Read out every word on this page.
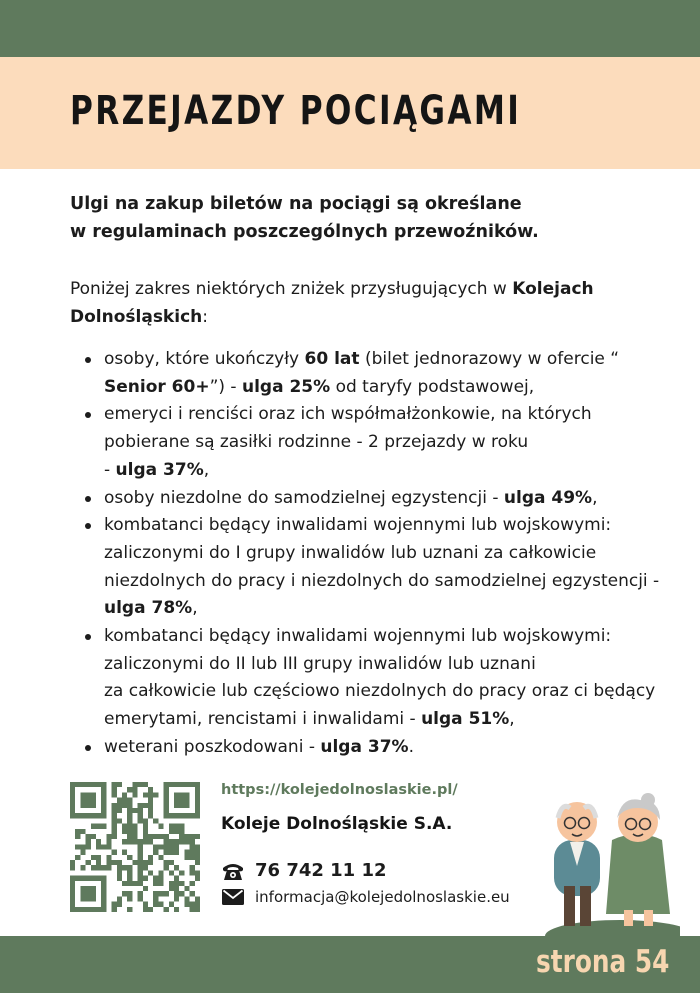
PRZEJAZDY POCIĄGAMI

Ulgi na zakup biletów na pociągi są określane
w regulaminach poszczególnych przewoźników.

Poniżej zakres niektórych zniżek przysługujących w Kolejach Dolnośląskich:

osoby, które ukończyły 60 lat (bilet jednorazowy w ofercie “
Senior 60+”) - ulga 25% od taryfy podstawowej,
emeryci i renciści oraz ich współmałżonkowie, na których pobierane są zasiłki rodzinne - 2 przejazdy w roku
- ulga 37%,
osoby niezdolne do samodzielnej egzystencji - ulga 49%,
kombatanci będący inwalidami wojennymi lub wojskowymi: zaliczonymi do I grupy inwalidów lub uznani za całkowicie niezdolnych do pracy i niezdolnych do samodzielnej egzystencji - ulga 78%,
kombatanci będący inwalidami wojennymi lub wojskowymi: zaliczonymi do II lub III grupy inwalidów lub uznani
za całkowicie lub częściowo niezdolnych do pracy oraz ci będący emerytami, rencistami i inwalidami - ulga 51%,
weterani poszkodowani - ulga 37%.

https://kolejedolnoslaskie.pl/

Koleje Dolnośląskie S.A.

76 742 11 12
informacja@kolejedolnoslaskie.eu

strona 54
